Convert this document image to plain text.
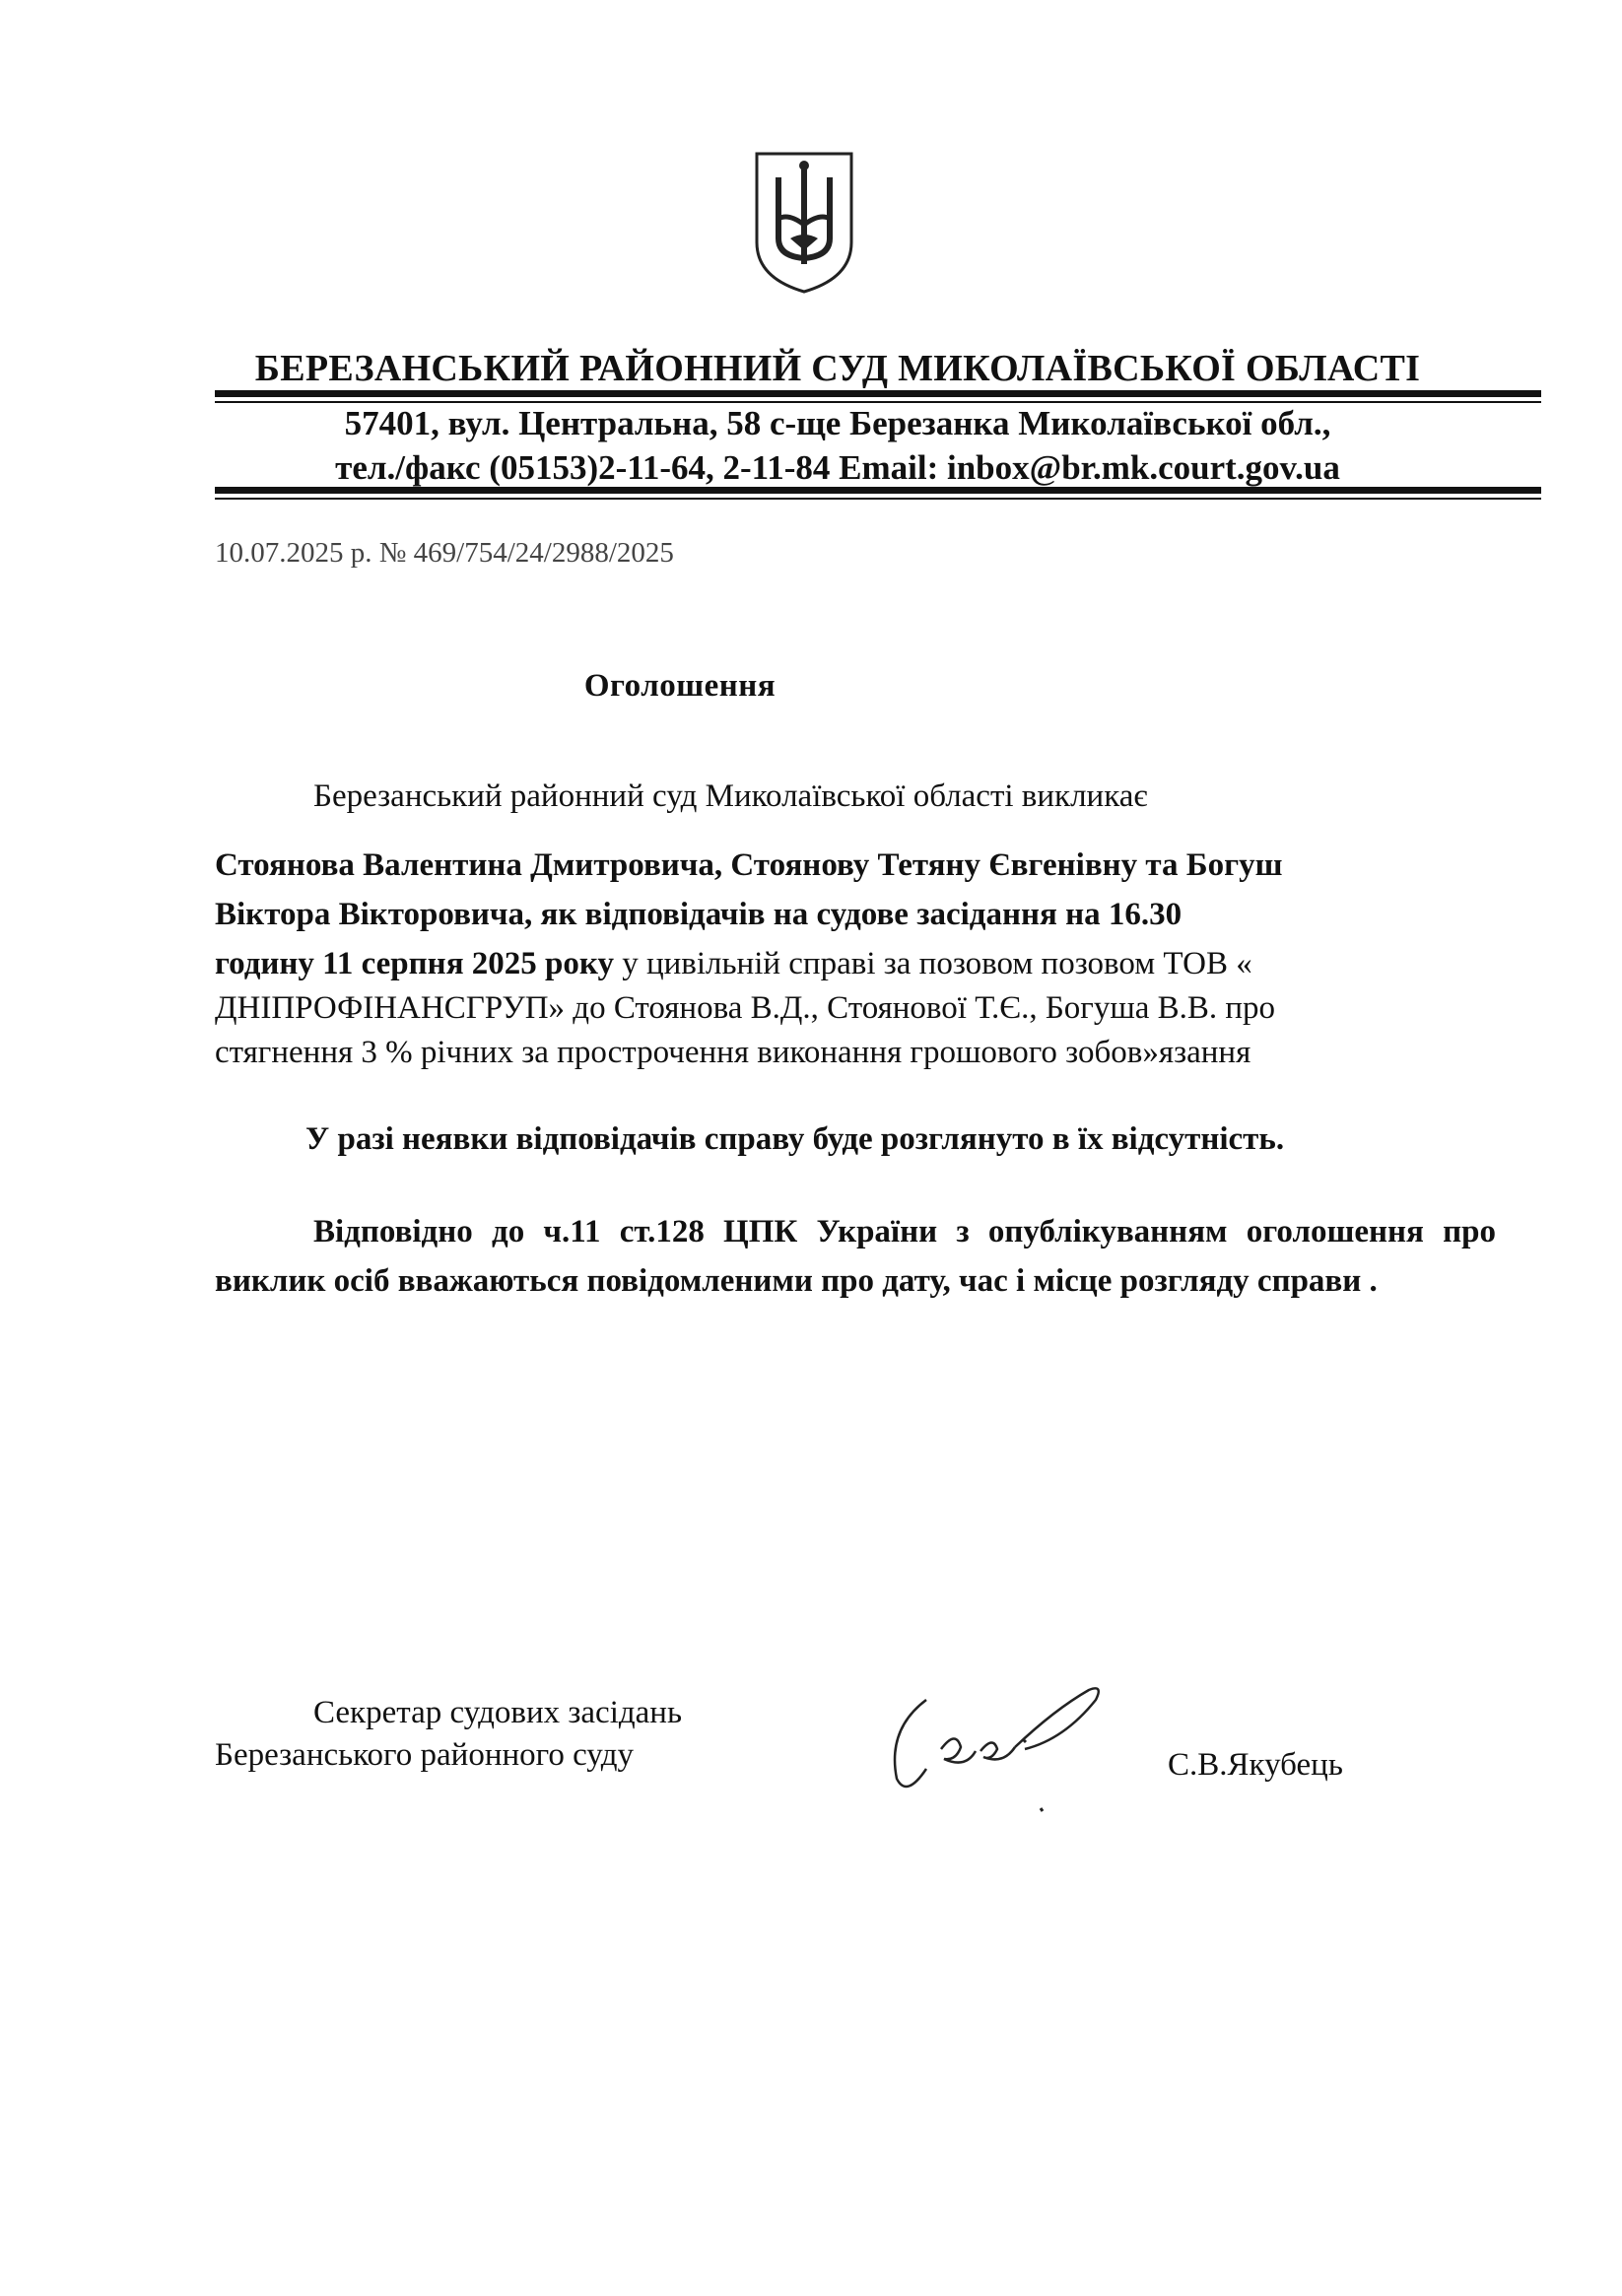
БЕРЕЗАНСЬКИЙ РАЙОННИЙ СУД МИКОЛАЇВСЬКОЇ ОБЛАСТІ
57401, вул. Центральна, 58 с-ще Березанка Миколаївської обл.,
тел./факс (05153)2-11-64, 2-11-84 Email: inbox@br.mk.court.gov.ua
10.07.2025 р. № 469/754/24/2988/2025
Оголошення
Березанський районний суд Миколаївської області викликає
Стоянова Валентина Дмитровича, Стоянову Тетяну Євгенівну та Богуш
Віктора Вікторовича, як відповідачів на судове засідання на 16.30
годину 11 серпня 2025 року у цивільній справі за позовом позовом ТОВ «
ДНІПРОФІНАНСГРУП» до Стоянова В.Д., Стоянової Т.Є., Богуша В.В. про
стягнення 3 % річних за прострочення виконання грошового зобов»язання
У разі неявки відповідачів справу буде розглянуто в їх відсутність.
Відповідно до ч.11 ст.128 ЦПК України з опублікуванням оголошення про виклик осіб вважаються повідомленими про дату, час і місце розгляду справи .
Секретар судових засідань
Березанського районного суду	С.В.Якубець
